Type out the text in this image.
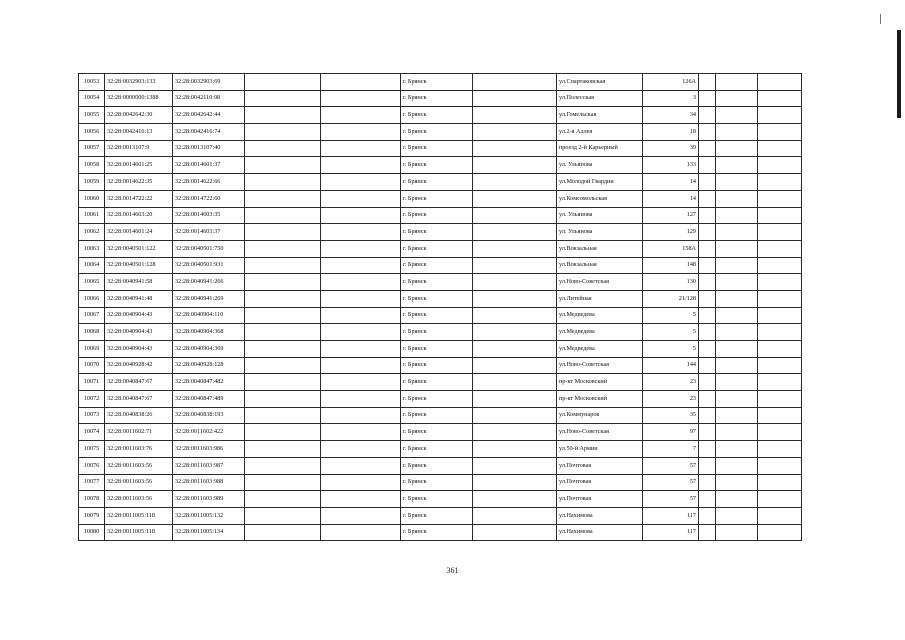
10053	32:28:0032903:133	32:28:0032903:69			г. Брянск		ул.Спартаковская	126А			
10054	32:28:0000000:1388	32:28:0042110:98			г. Брянск		ул.Полесская	3			
10055	32:28:0042642:30	32:28:0042642:44			г. Брянск		ул.Гомельская	34			
10056	32:28:0042416:13	32:28:0042416:74			г. Брянск		ул.2-я Аллея	18			
10057	32:28:0013107:9	32:28:0013107:40			г. Брянск		проезд 2-й Карьерный	39			
10058	32:28:0014601:25	32:28:0014601:37			г. Брянск		ул. Ульянова	133			
10059	32:28:0014622:35	32:28:0014622:66			г. Брянск		ул.Молодой Гвардии	14			
10060	32:28:0014722:22	32:28:0014722:60			г. Брянск		ул.Комсомольская	14			
10061	32:28:0014603:20	32:28:0014603:35			г. Брянск		ул. Ульянова	127			
10062	32:28:0014601:24	32:28:0014603:37			г. Брянск		ул. Ульянова	129			
10063	32:28:0040501:122	32:28:0040501:750			г. Брянск		ул.Вокзальная	158А			
10064	32:28:0040501:128	32:28:0040501:931			г. Брянск		ул.Вокзальная	148			
10065	32:28:0040941:58	32:28:0040941:266			г. Брянск		ул.Ново-Советская	130			
10066	32:28:0040941:48	32:28:0040941:269			г. Брянск		ул.Литейная	21/128			
10067	32:28:0040904:43	32:28:0040904:110			г. Брянск		ул.Медведева	5			
10068	32:28:0040904:43	32:28:0040904:368			г. Брянск		ул.Медведева	5			
10069	32:28:0040904:43	32:28:0040904:369			г. Брянск		ул.Медведева	5			
10070	32:28:0040928:42	32:28:0040928:128			г. Брянск		ул.Ново-Советская	144			
10071	32:28:0040847:67	32:28:0040847:482			г. Брянск		пр-кт Московский	23			
10072	32:28:0040847:67	32:28:0040847:489			г. Брянск		пр-кт Московский	23			
10073	32:28:0040838:26	32:28:0040838:193			г. Брянск		ул.Коммунаров	35			
10074	32:28:0011602:71	32:28:0011602:422			г. Брянск		ул.Ново-Советская	97			
10075	32:28:0011603:76	32:28:0011603:986			г. Брянск		ул.50-й Армии	7			
10076	32:28:0011603:56	32:28:0011603:987			г. Брянск		ул.Почтовая	57			
10077	32:28:0011603:56	32:28:0011603:988			г. Брянск		ул.Почтовая	57			
10078	32:28:0011603:56	32:28:0011603:989			г. Брянск		ул.Почтовая	57			
10079	32:28:0011005:118	32:28:0011005:132			г. Брянск		ул.Нахимова	117			
10080	32:28:0011005:118	32:28:0011005:134			г. Брянск		ул.Нахимова	117			
361
